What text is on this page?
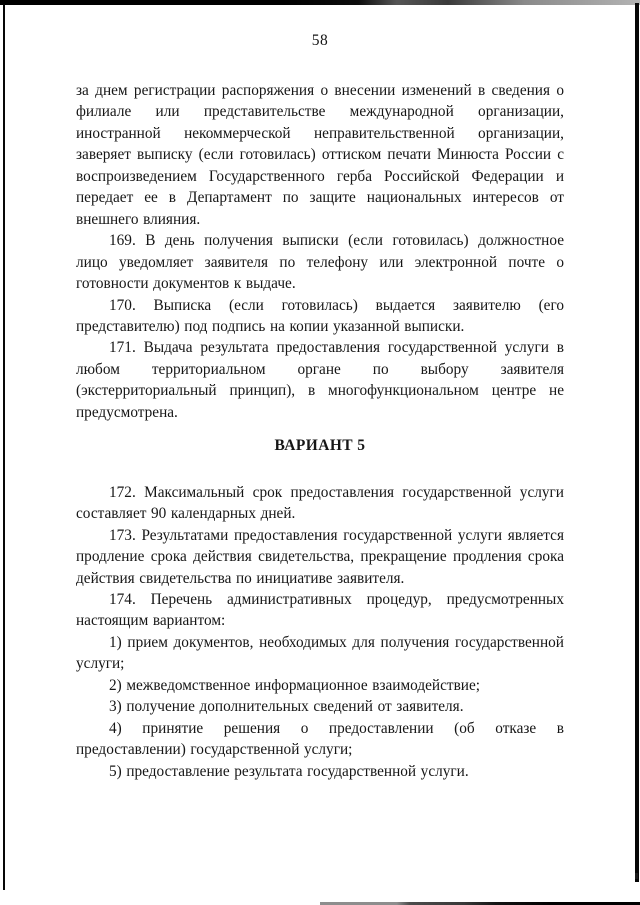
58

за днем регистрации распоряжения о внесении изменений в сведения о филиале или представительстве международной организации, иностранной некоммерческой неправительственной организации, заверяет выписку (если готовилась) оттиском печати Минюста России с воспроизведением Государственного герба Российской Федерации и передает ее в Департамент по защите национальных интересов от внешнего влияния.

169. В день получения выписки (если готовилась) должностное лицо уведомляет заявителя по телефону или электронной почте о готовности документов к выдаче.

170. Выписка (если готовилась) выдается заявителю (его представителю) под подпись на копии указанной выписки.

171. Выдача результата предоставления государственной услуги в любом территориальном органе по выбору заявителя (экстерриториальный принцип), в многофункциональном центре не предусмотрена.

ВАРИАНТ 5

172. Максимальный срок предоставления государственной услуги составляет 90 календарных дней.

173. Результатами предоставления государственной услуги является продление срока действия свидетельства, прекращение продления срока действия свидетельства по инициативе заявителя.

174. Перечень административных процедур, предусмотренных настоящим вариантом:

1) прием документов, необходимых для получения государственной услуги;

2) межведомственное информационное взаимодействие;

3) получение дополнительных сведений от заявителя.

4) принятие решения о предоставлении (об отказе в предоставлении) государственной услуги;

5) предоставление результата государственной услуги.
